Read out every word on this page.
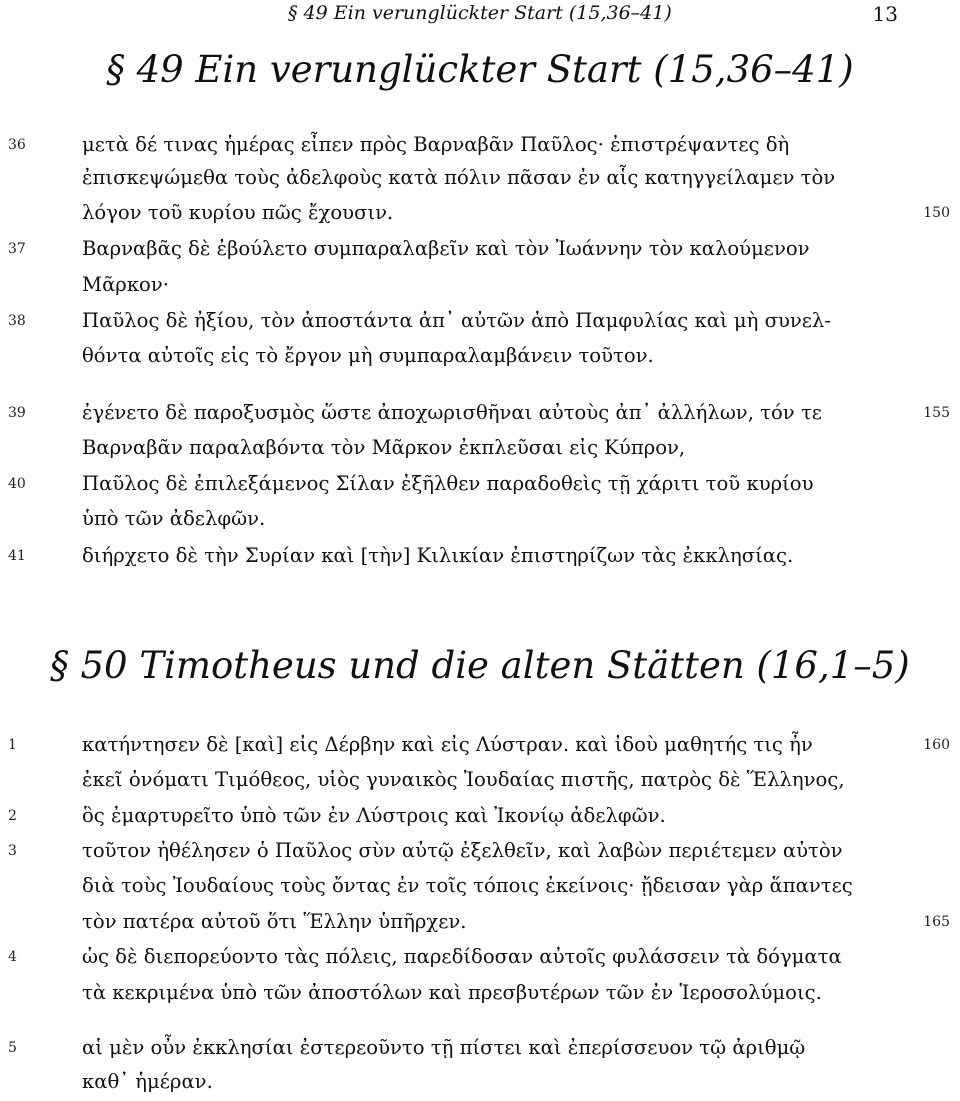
§ 49 Ein verunglückter Start (15,36–41)	13
§ 49 Ein verunglückter Start (15,36–41)
§ 50 Timotheus und die alten Stätten (16,1–5)
36	μετὰ δέ τινας ἡμέρας εἶπεν πρὸς Βαρναβᾶν Παῦλος· ἐπιστρέψαντες δὴ
ἐπισκεψώμεθα τοὺς ἀδελφοὺς κατὰ πόλιν πᾶσαν ἐν αἷς κατηγγείλαμεν τὸν
λόγον τοῦ κυρίου πῶς ἔχουσιν.	150
37	Βαρναβᾶς δὲ ἐβούλετο συμπαραλαβεῖν καὶ τὸν Ἰωάννην τὸν καλούμενον
Μᾶρκον·
38	Παῦλος δὲ ἠξίου, τὸν ἀποστάντα ἀπ᾿ αὐτῶν ἀπὸ Παμφυλίας καὶ μὴ συνελ-
θόντα αὐτοῖς εἰς τὸ ἔργον μὴ συμπαραλαμβάνειν τοῦτον.
39	ἐγένετο δὲ παροξυσμὸς ὥστε ἀποχωρισθῆναι αὐτοὺς ἀπ᾿ ἀλλήλων, τόν τε	155
Βαρναβᾶν παραλαβόντα τὸν Μᾶρκον ἐκπλεῦσαι εἰς Κύπρον,
40	Παῦλος δὲ ἐπιλεξάμενος Σίλαν ἐξῆλθεν παραδοθεὶς τῇ χάριτι τοῦ κυρίου
ὑπὸ τῶν ἀδελφῶν.
41	διήρχετο δὲ τὴν Συρίαν καὶ [τὴν] Κιλικίαν ἐπιστηρίζων τὰς ἐκκλησίας.
1	κατήντησεν δὲ [καὶ] εἰς Δέρβην καὶ εἰς Λύστραν. καὶ ἰδοὺ μαθητής τις ἦν	160
ἐκεῖ ὀνόματι Τιμόθεος, υἱὸς γυναικὸς Ἰουδαίας πιστῆς, πατρὸς δὲ Ἕλληνος,
2	ὃς ἐμαρτυρεῖτο ὑπὸ τῶν ἐν Λύστροις καὶ Ἰκονίῳ ἀδελφῶν.
3	τοῦτον ἠθέλησεν ὁ Παῦλος σὺν αὐτῷ ἐξελθεῖν, καὶ λαβὼν περιέτεμεν αὐτὸν
διὰ τοὺς Ἰουδαίους τοὺς ὄντας ἐν τοῖς τόποις ἐκείνοις· ᾔδεισαν γὰρ ἅπαντες
τὸν πατέρα αὐτοῦ ὅτι Ἕλλην ὑπῆρχεν.	165
4	ὡς δὲ διεπορεύοντο τὰς πόλεις, παρεδίδοσαν αὐτοῖς φυλάσσειν τὰ δόγματα
τὰ κεκριμένα ὑπὸ τῶν ἀποστόλων καὶ πρεσβυτέρων τῶν ἐν Ἱεροσολύμοις.
5	αἱ μὲν οὖν ἐκκλησίαι ἐστερεοῦντο τῇ πίστει καὶ ἐπερίσσευον τῷ ἀριθμῷ
καθ᾿ ἡμέραν.
